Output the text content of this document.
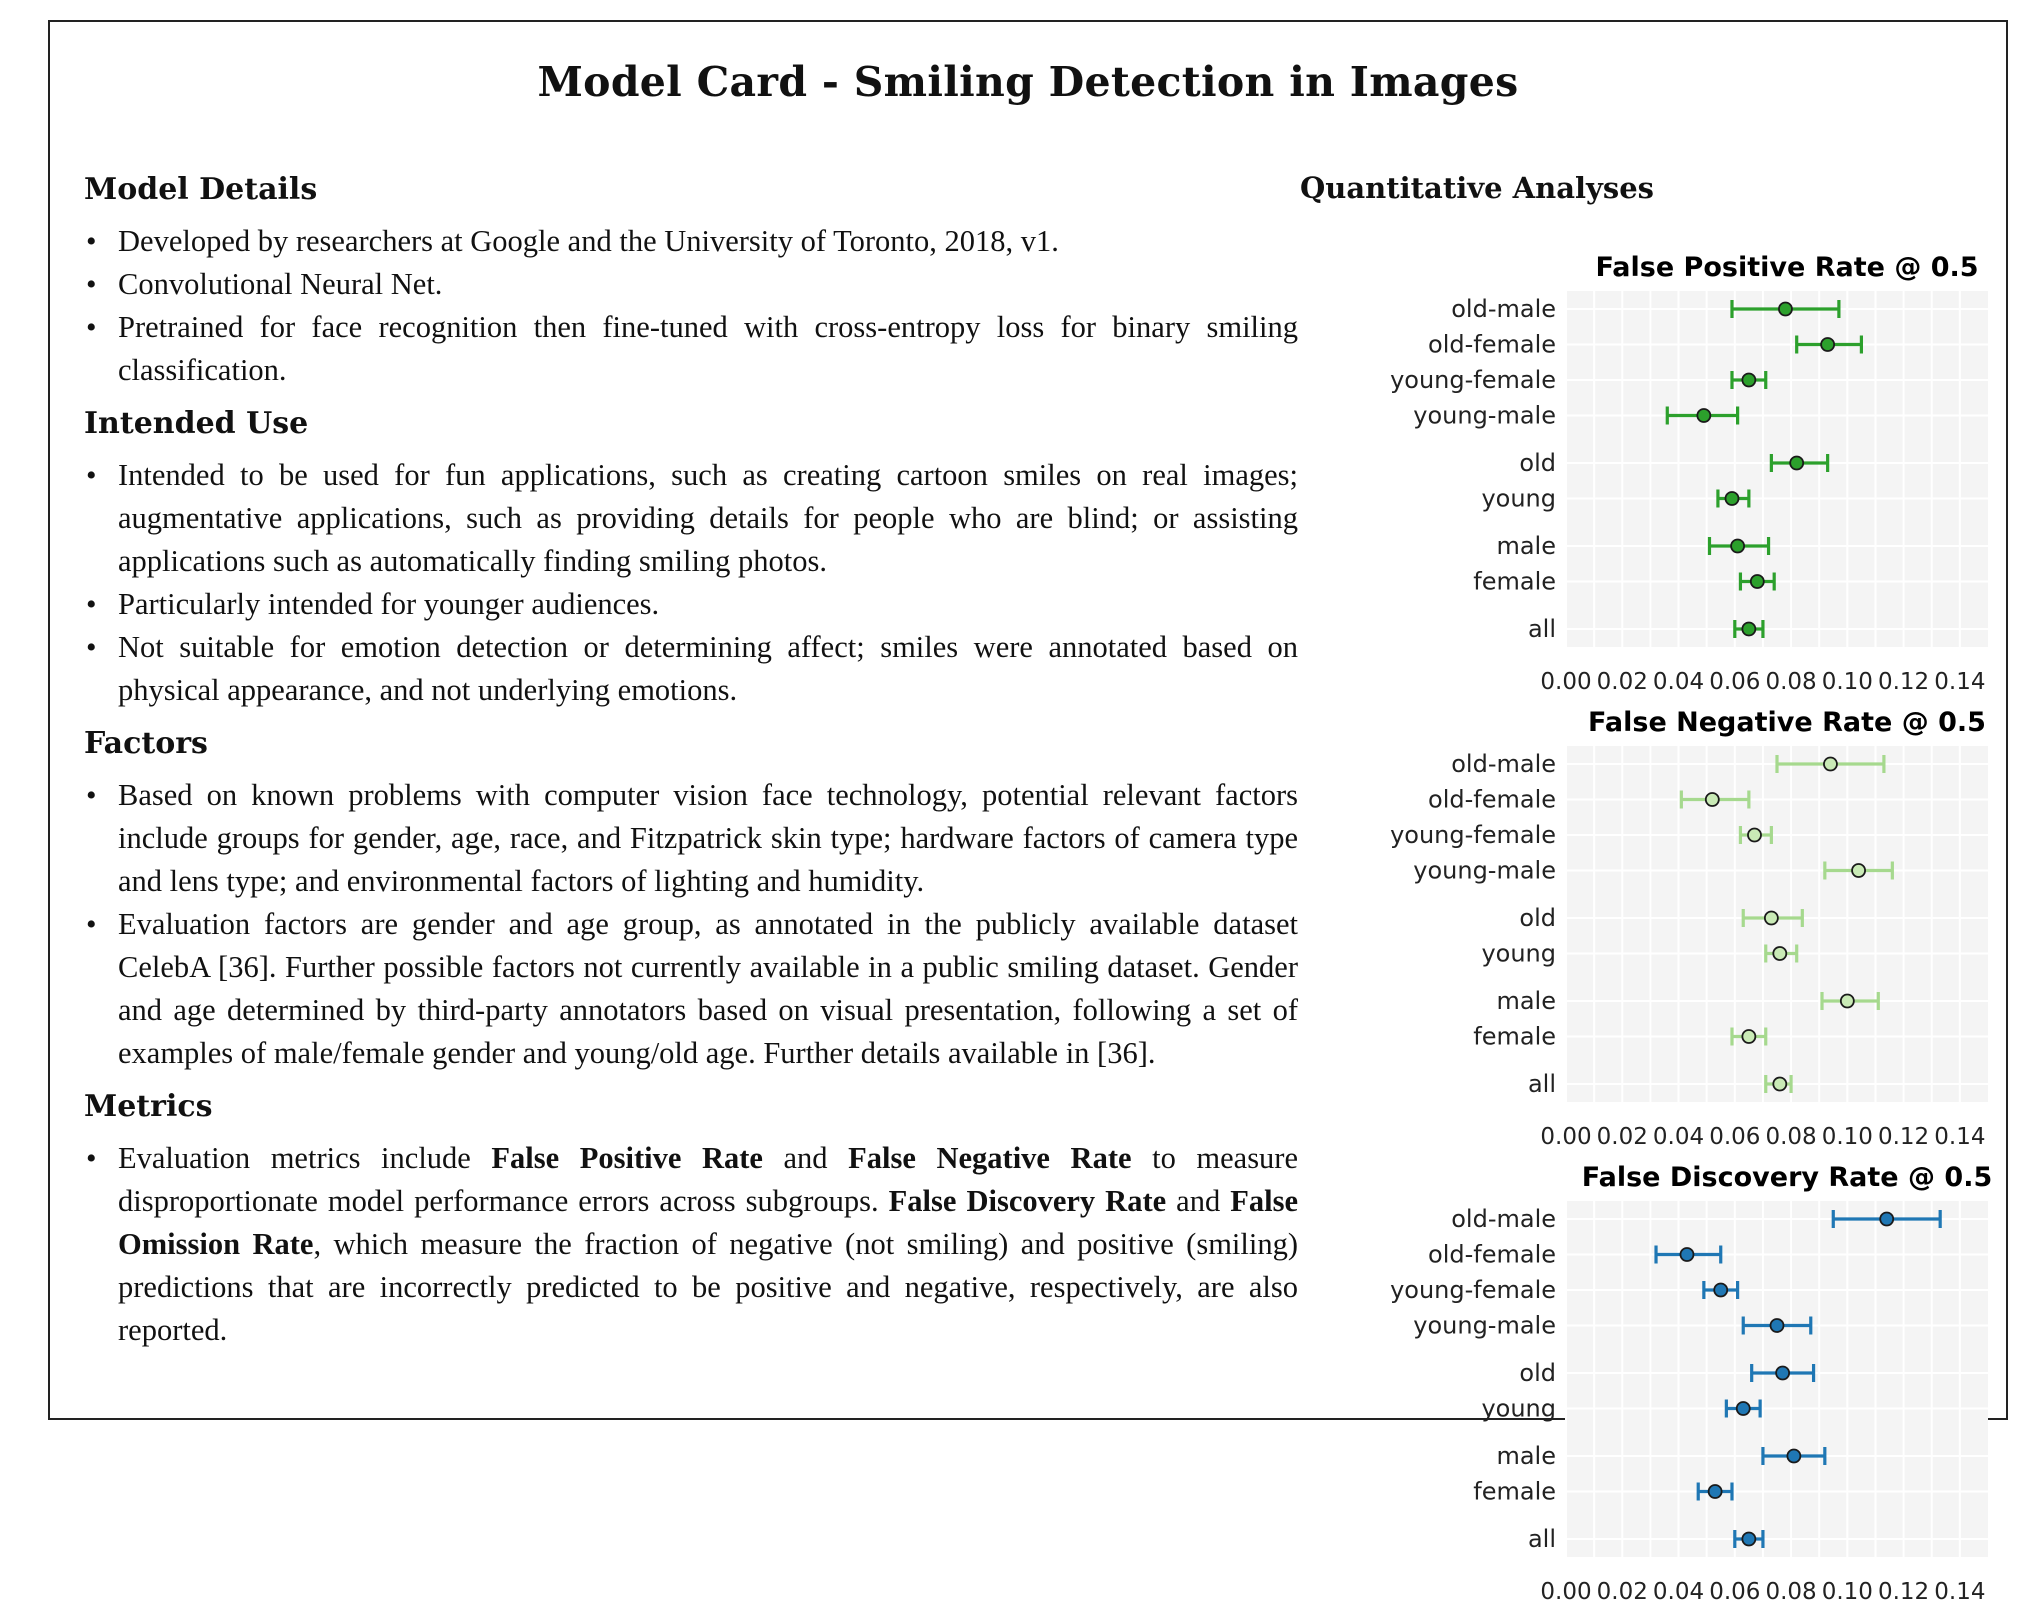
Model Card - Smiling Detection in Images
Model Details
• Developed by researchers at Google and the University of Toronto, 2018, v1.
• Convolutional Neural Net.
• Pretrained for face recognition then fine-tuned with cross-entropy loss for binary smiling classification.
Intended Use
• Intended to be used for fun applications, such as creating cartoon smiles on real images; augmentative applications, such as providing details for people who are blind; or assisting applications such as automatically finding smiling photos.
• Particularly intended for younger audiences.
• Not suitable for emotion detection or determining affect; smiles were annotated based on physical appearance, and not underlying emotions.
Factors
• Based on known problems with computer vision face technology, potential relevant factors include groups for gender, age, race, and Fitzpatrick skin type; hardware factors of camera type and lens type; and environmental factors of lighting and humidity.
• Evaluation factors are gender and age group, as annotated in the publicly available dataset CelebA [36]. Further possible factors not currently available in a public smiling dataset. Gender and age determined by third-party annotators based on visual presentation, following a set of examples of male/female gender and young/old age. Further details available in [36].
Metrics
• Evaluation metrics include False Positive Rate and False Negative Rate to measure disproportionate model performance errors across subgroups. False Discovery Rate and False Omission Rate, which measure the fraction of negative (not smiling) and positive (smiling) predictions that are incorrectly predicted to be positive and negative, respectively, are also reported.
Quantitative Analyses
False Positive Rate @ 0.5
old-male
old-female
young-female
young-male
old
young
male
female
all
0.00 0.02 0.04 0.06 0.08 0.10 0.12 0.14
False Negative Rate @ 0.5
old-male
old-female
young-female
young-male
old
young
male
female
all
0.00 0.02 0.04 0.06 0.08 0.10 0.12 0.14
False Discovery Rate @ 0.5
old-male
old-female
young-female
young-male
old
young
male
female
all
0.00 0.02 0.04 0.06 0.08 0.10 0.12 0.14
